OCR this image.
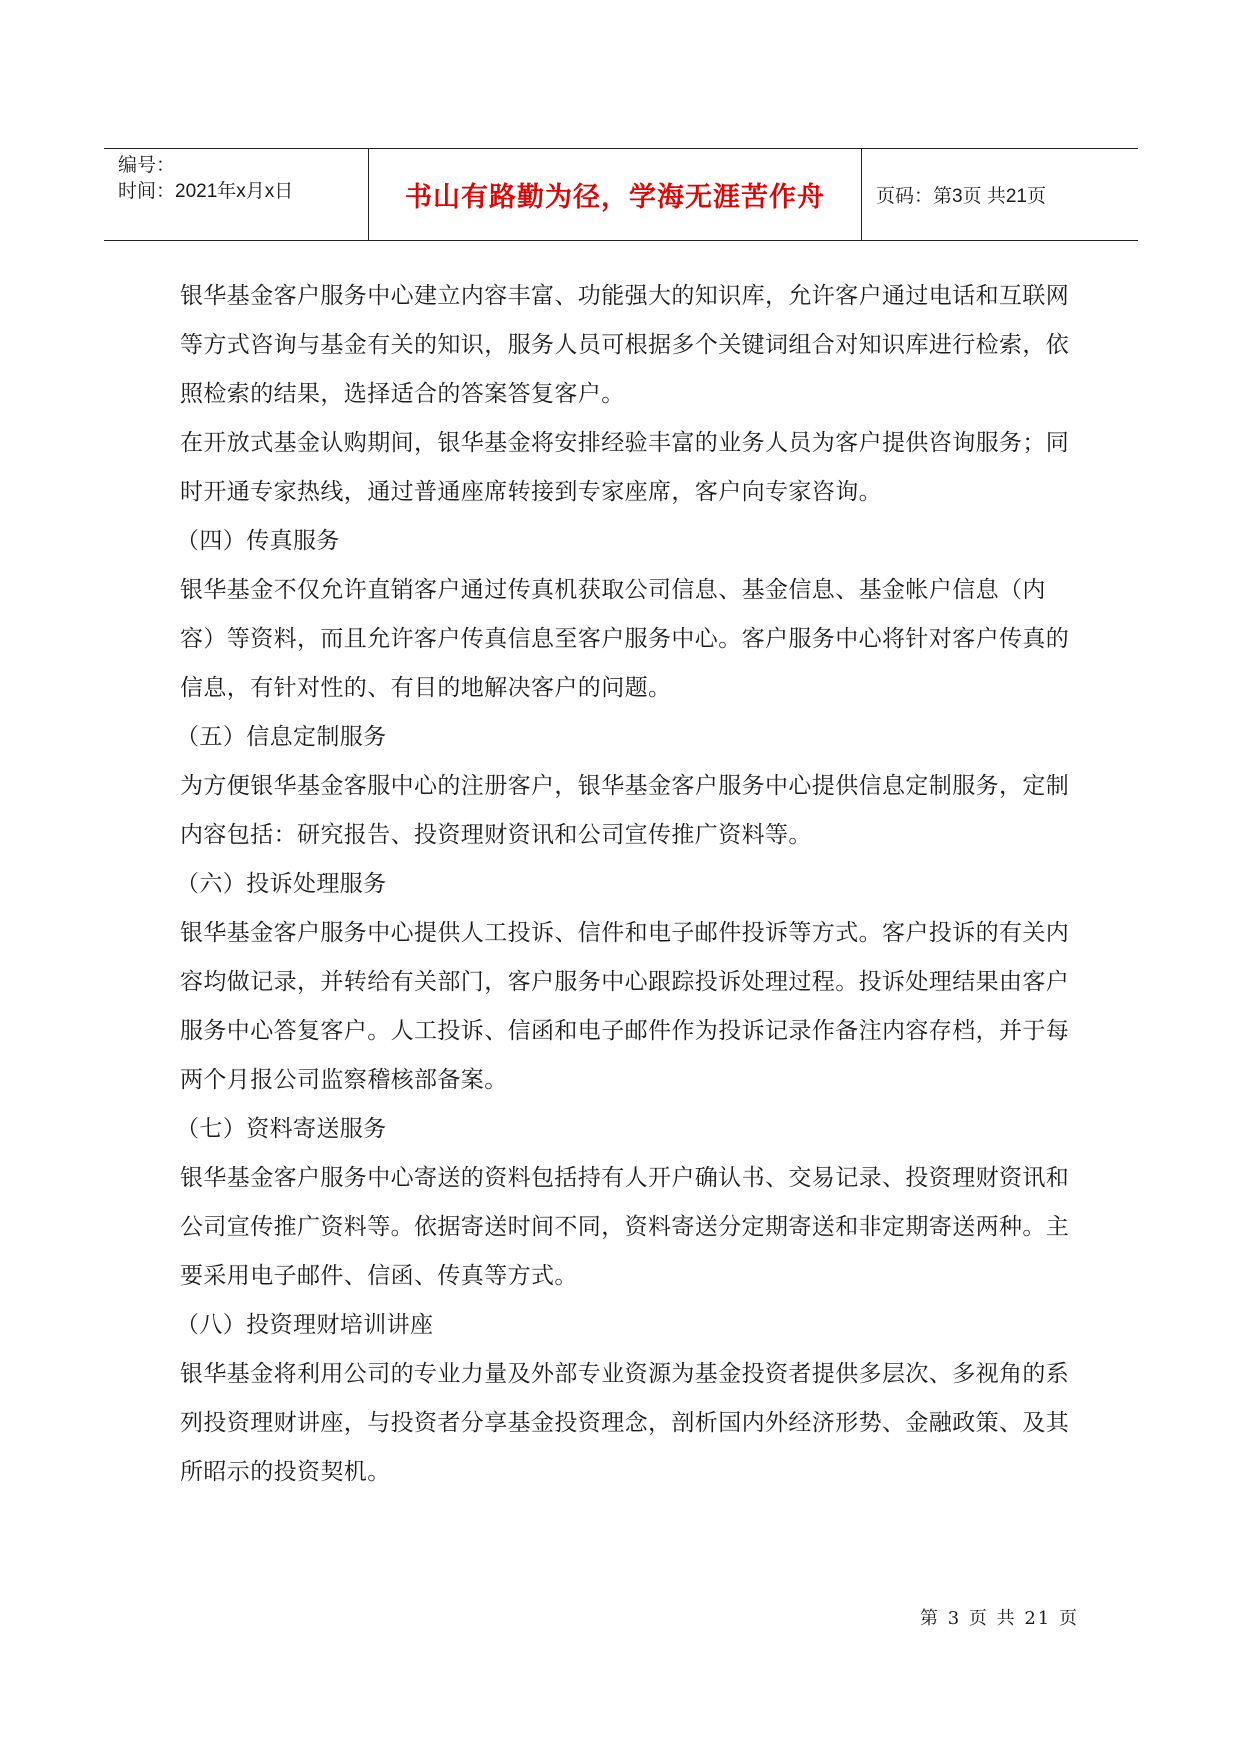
编号：
时间：2021年x月x日	书山有路勤为径，学海无涯苦作舟	页码：第3页 共21页

银华基金客户服务中心建立内容丰富、功能强大的知识库，允许客户通过电话和互联网等方式咨询与基金有关的知识，服务人员可根据多个关键词组合对知识库进行检索，依照检索的结果，选择适合的答案答复客户。

在开放式基金认购期间，银华基金将安排经验丰富的业务人员为客户提供咨询服务；同时开通专家热线，通过普通座席转接到专家座席，客户向专家咨询。

（四）传真服务

银华基金不仅允许直销客户通过传真机获取公司信息、基金信息、基金帐户信息（内容）等资料，而且允许客户传真信息至客户服务中心。客户服务中心将针对客户传真的信息，有针对性的、有目的地解决客户的问题。

（五）信息定制服务

为方便银华基金客服中心的注册客户，银华基金客户服务中心提供信息定制服务，定制内容包括：研究报告、投资理财资讯和公司宣传推广资料等。

（六）投诉处理服务

银华基金客户服务中心提供人工投诉、信件和电子邮件投诉等方式。客户投诉的有关内容均做记录，并转给有关部门，客户服务中心跟踪投诉处理过程。投诉处理结果由客户服务中心答复客户。人工投诉、信函和电子邮件作为投诉记录作备注内容存档，并于每两个月报公司监察稽核部备案。

（七）资料寄送服务

银华基金客户服务中心寄送的资料包括持有人开户确认书、交易记录、投资理财资讯和公司宣传推广资料等。依据寄送时间不同，资料寄送分定期寄送和非定期寄送两种。主要采用电子邮件、信函、传真等方式。

（八）投资理财培训讲座

银华基金将利用公司的专业力量及外部专业资源为基金投资者提供多层次、多视角的系列投资理财讲座，与投资者分享基金投资理念，剖析国内外经济形势、金融政策、及其所昭示的投资契机。

第 3 页 共 21 页
